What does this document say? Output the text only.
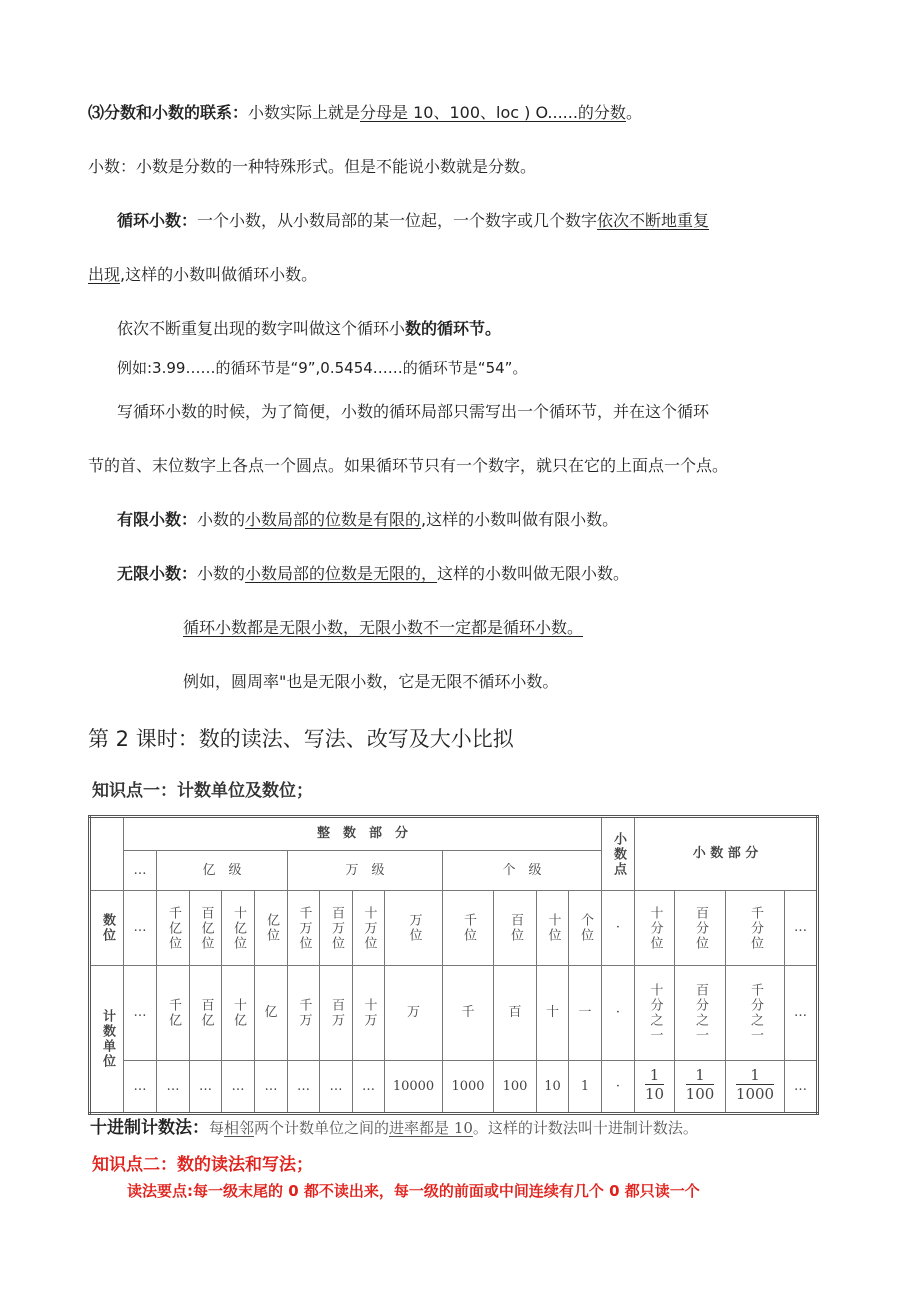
⑶分数和小数的联系：小数实际上就是分母是 10、100、loc ) O......的分数。
小数：小数是分数的一种特殊形式。但是不能说小数就是分数。
循环小数：一个小数，从小数局部的某一位起，一个数字或几个数字依次不断地重复
出现,这样的小数叫做循环小数。
依次不断重复出现的数字叫做这个循环小数的循环节。
例如:3.99……的循环节是“9”,0.5454……的循环节是“54”。
写循环小数的时候，为了简便，小数的循环局部只需写出一个循环节，并在这个循环
节的首、末位数字上各点一个圆点。如果循环节只有一个数字，就只在它的上面点一个点。
有限小数：小数的小数局部的位数是有限的,这样的小数叫做有限小数。
无限小数：小数的小数局部的位数是无限的，这样的小数叫做无限小数。
循环小数都是无限小数，无限小数不一定都是循环小数。
例如，圆周率"也是无限小数，它是无限不循环小数。
第 2 课时：数的读法、写法、改写及大小比拟
知识点一：计数单位及数位；
	整　数　部　分													小数点	小 数 部 分			
	…	亿　级				万　级				个　级								

数位	…	千亿位	百亿位	十亿位	亿位	千万位	百万位	十万位	万位	千位	百位	十位	个位	·	十分位	百分位	千分位	…

计数单位	…	千亿	百亿	十亿	亿	千万	百万	十万	万	千	百	十	一	·	十分之一	百分之一	千分之一	…

	…	…	…	…	…	…	…	…	10000	1000	100	10	1	·	$\frac{1}{10}$	$\frac{1}{100}$	$\frac{1}{1000}$	…
十进制计数法：每相邻两个计数单位之间的进率都是 10。这样的计数法叫十进制计数法。
知识点二：数的读法和写法；
读法要点:每一级末尾的 0 都不读出来，每一级的前面或中间连续有几个 0 都只读一个
